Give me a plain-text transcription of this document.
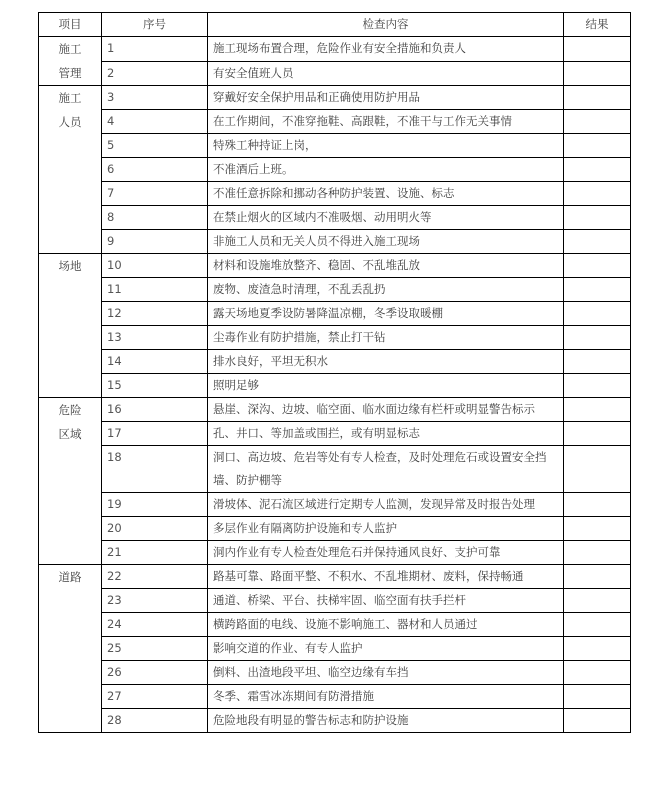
项目	序号	检查内容	结果
施工管理	1	施工现场布置合理，危险作业有安全措施和负责人	
	2	有安全值班人员	
施工人员	3	穿戴好安全保护用品和正确使用防护用品	
	4	在工作期间，不准穿拖鞋、高跟鞋，不准干与工作无关事情	
	5	特殊工种持证上岗，	
	6	不准酒后上班。	
	7	不准任意拆除和挪动各种防护装置、设施、标志	
	8	在禁止烟火的区域内不准吸烟、动用明火等	
	9	非施工人员和无关人员不得进入施工现场	
场地	10	材料和设施堆放整齐、稳固、不乱堆乱放	
	11	废物、废渣急时清理，不乱丢乱扔	
	12	露天场地夏季设防暑降温凉棚，冬季设取暖棚	
	13	尘毒作业有防护措施，禁止打干钻	
	14	排水良好，平坦无积水	
	15	照明足够	
危险区域	16	悬崖、深沟、边坡、临空面、临水面边缘有栏杆或明显警告标示	
	17	孔、井口、等加盖或围拦，或有明显标志	
	18	洞口、高边坡、危岩等处有专人检查，及时处理危石或设置安全挡墙、防护棚等	
	19	滑坡体、泥石流区域进行定期专人监测，发现异常及时报告处理	
	20	多层作业有隔离防护设施和专人监护	
	21	洞内作业有专人检查处理危石并保持通风良好、支护可靠	
道路	22	路基可靠、路面平整、不积水、不乱堆期材、废料，保持畅通	
	23	通道、桥梁、平台、扶梯牢固、临空面有扶手拦杆	
	24	横跨路面的电线、设施不影响施工、器材和人员通过	
	25	影响交道的作业、有专人监护	
	26	倒料、出渣地段平坦、临空边缘有车挡	
	27	冬季、霜雪冰冻期间有防滑措施	
	28	危险地段有明显的警告标志和防护设施	
